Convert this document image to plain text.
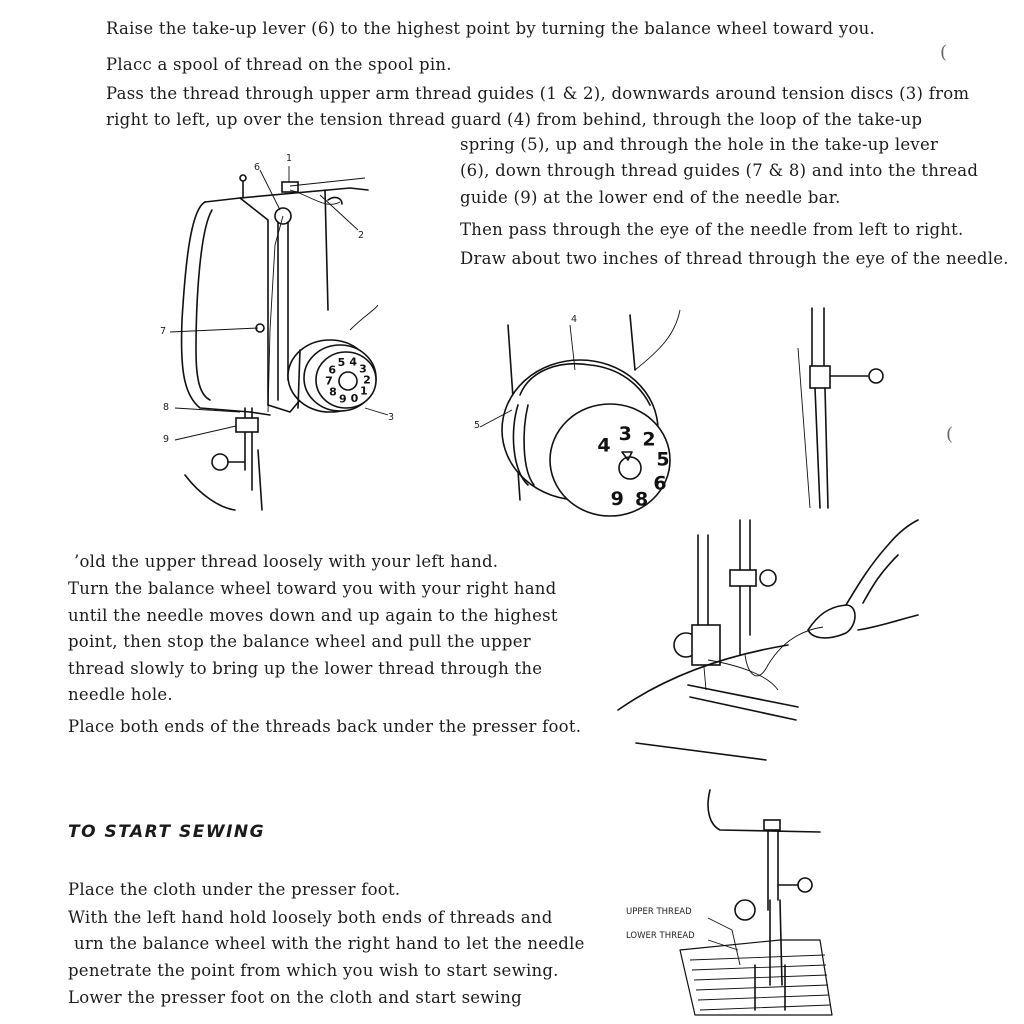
Raise the take-up lever (6) to the highest point by turning the balance wheel toward you.
Placc a spool of thread on the spool pin.
Pass the thread through upper arm thread guides (1 & 2), downwards around tension discs (3) from
right to left, up over the tension thread guard (4) from behind, through the loop of the take-up
spring (5), up and through the hole in the take-up lever
(6), down through thread guides (7 & 8) and into the thread
guide (9) at the lower end of the needle bar.
Then pass through the eye of the needle from left to right.
Draw about two inches of thread through the eye of the needle.
(
(
5 4
3
2
1
0
9
8
7
6
1
2
3
6
7
8
9	4
3 2
5
6
8
9
4
5
’old the upper thread loosely with your left hand.
Turn the balance wheel toward you with your right hand
until the needle moves down and up again to the highest
point, then stop the balance wheel and pull the upper
thread slowly to bring up the lower thread through the
needle hole.
Place both ends of the threads back under the presser foot.
TO START SEWING
Place the cloth under the presser foot.
With the left hand hold loosely both ends of threads and
urn the balance wheel with the right hand to let the needle
penetrate the point from which you wish to start sewing.
Lower the presser foot on the cloth and start sewing
UPPER THREAD
LOWER THREAD
